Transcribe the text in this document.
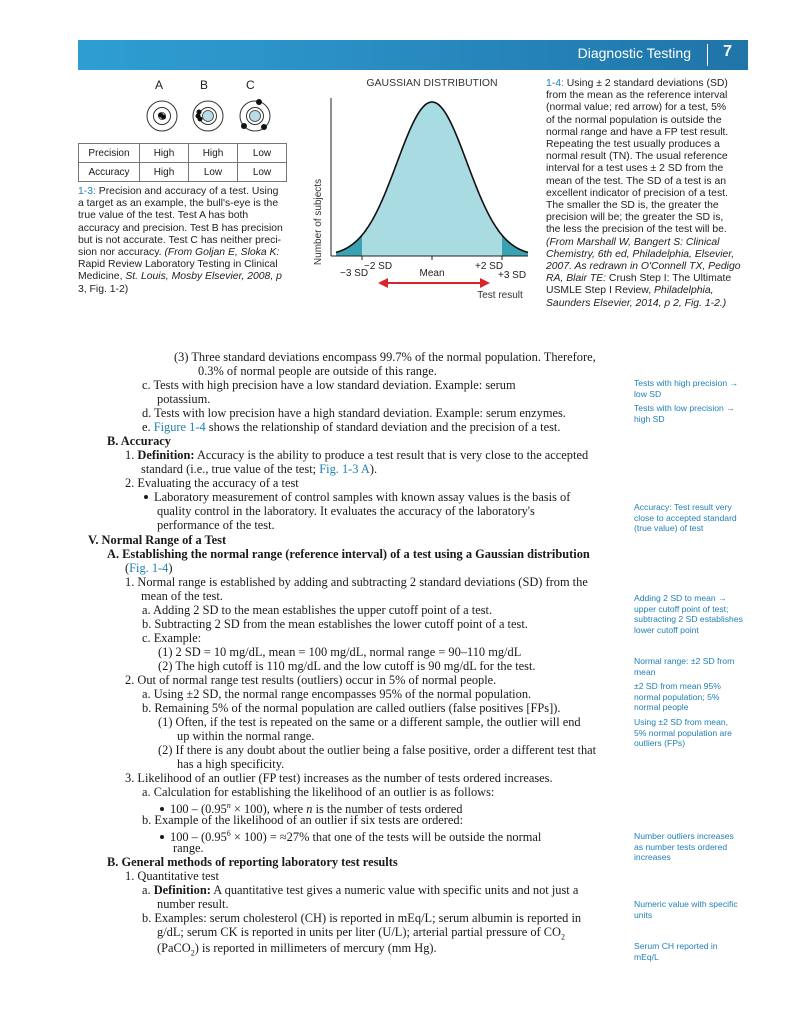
Diagnostic Testing 7
A	B	C
Precision	High	High	Low
Accuracy	High	Low	Low
1-3: Precision and accuracy of a test. Using
a target as an example, the bull's-eye is the
true value of the test. Test A has both
accuracy and precision. Test B has precision
but is not accurate. Test C has neither preci-
sion nor accuracy. (From Goljan E, Sloka K:
Rapid Review Laboratory Testing in Clinical
Medicine, St. Louis, Mosby Elsevier, 2008, p
3, Fig. 1-2)
GAUSSIAN DISTRIBUTION
Number of subjects
−3 SD
−2 SD
Mean
+2 SD
+3 SD
Test result
1-4: Using ± 2 standard deviations (SD)
from the mean as the reference interval
(normal value; red arrow) for a test, 5%
of the normal population is outside the
normal range and have a FP test result.
Repeating the test usually produces a
normal result (TN). The usual reference
interval for a test uses ± 2 SD from the
mean of the test. The SD of a test is an
excellent indicator of precision of a test.
The smaller the SD is, the greater the
precision will be; the greater the SD is,
the less the precision of the test will be.
(From Marshall W, Bangert S: Clinical
Chemistry, 6th ed, Philadelphia, Elsevier,
2007. As redrawn in O'Connell TX, Pedigo
RA, Blair TE: Crush Step I: The Ultimate
USMLE Step I Review, Philadelphia,
Saunders Elsevier, 2014, p 2, Fig. 1-2.)
(3) Three standard deviations encompass 99.7% of the normal population. Therefore,
0.3% of normal people are outside of this range.
c. Tests with high precision have a low standard deviation. Example: serum
potassium.
d. Tests with low precision have a high standard deviation. Example: serum enzymes.
e. Figure 1-4 shows the relationship of standard deviation and the precision of a test.
B. Accuracy
1. Definition: Accuracy is the ability to produce a test result that is very close to the accepted
standard (i.e., true value of the test; Fig. 1-3 A).
2. Evaluating the accuracy of a test
Laboratory measurement of control samples with known assay values is the basis of
quality control in the laboratory. It evaluates the accuracy of the laboratory's
performance of the test.
V. Normal Range of a Test
A. Establishing the normal range (reference interval) of a test using a Gaussian distribution
(Fig. 1-4)
1. Normal range is established by adding and subtracting 2 standard deviations (SD) from the
mean of the test.
a. Adding 2 SD to the mean establishes the upper cutoff point of a test.
b. Subtracting 2 SD from the mean establishes the lower cutoff point of a test.
c. Example:
(1) 2 SD = 10 mg/dL, mean = 100 mg/dL, normal range = 90–110 mg/dL
(2) The high cutoff is 110 mg/dL and the low cutoff is 90 mg/dL for the test.
2. Out of normal range test results (outliers) occur in 5% of normal people.
a. Using ±2 SD, the normal range encompasses 95% of the normal population.
b. Remaining 5% of the normal population are called outliers (false positives [FPs]).
(1) Often, if the test is repeated on the same or a different sample, the outlier will end
up within the normal range.
(2) If there is any doubt about the outlier being a false positive, order a different test that
has a high specificity.
3. Likelihood of an outlier (FP test) increases as the number of tests ordered increases.
a. Calculation for establishing the likelihood of an outlier is as follows:
$100 - (0.95^n \times 100)$, where n is the number of tests ordered
b. Example of the likelihood of an outlier if six tests are ordered:
$100 - (0.95^6 \times 100) = \approx 27\%$ that one of the tests will be outside the normal
range.
B. General methods of reporting laboratory test results
1. Quantitative test
a. Definition: A quantitative test gives a numeric value with specific units and not just a
number result.
b. Examples: serum cholesterol (CH) is reported in mEq/L; serum albumin is reported in
g/dL; serum CK is reported in units per liter (U/L); arterial partial pressure of $CO_2$
(PaCO$_2$) is reported in millimeters of mercury (mm Hg).
Tests with high precision →
low SD
Tests with low precision →
high SD
Accuracy: Test result very
close to accepted standard
(true value) of test
Adding 2 SD to mean →
upper cutoff point of test;
subtracting 2 SD establishes
lower cutoff point
Normal range: ±2 SD from
mean
±2 SD from mean 95%
normal population; 5%
normal people
Using ±2 SD from mean,
5% normal population are
outliers (FPs)
Number outliers increases
as number tests ordered
increases
Numeric value with specific
units
Serum CH reported in
mEq/L
